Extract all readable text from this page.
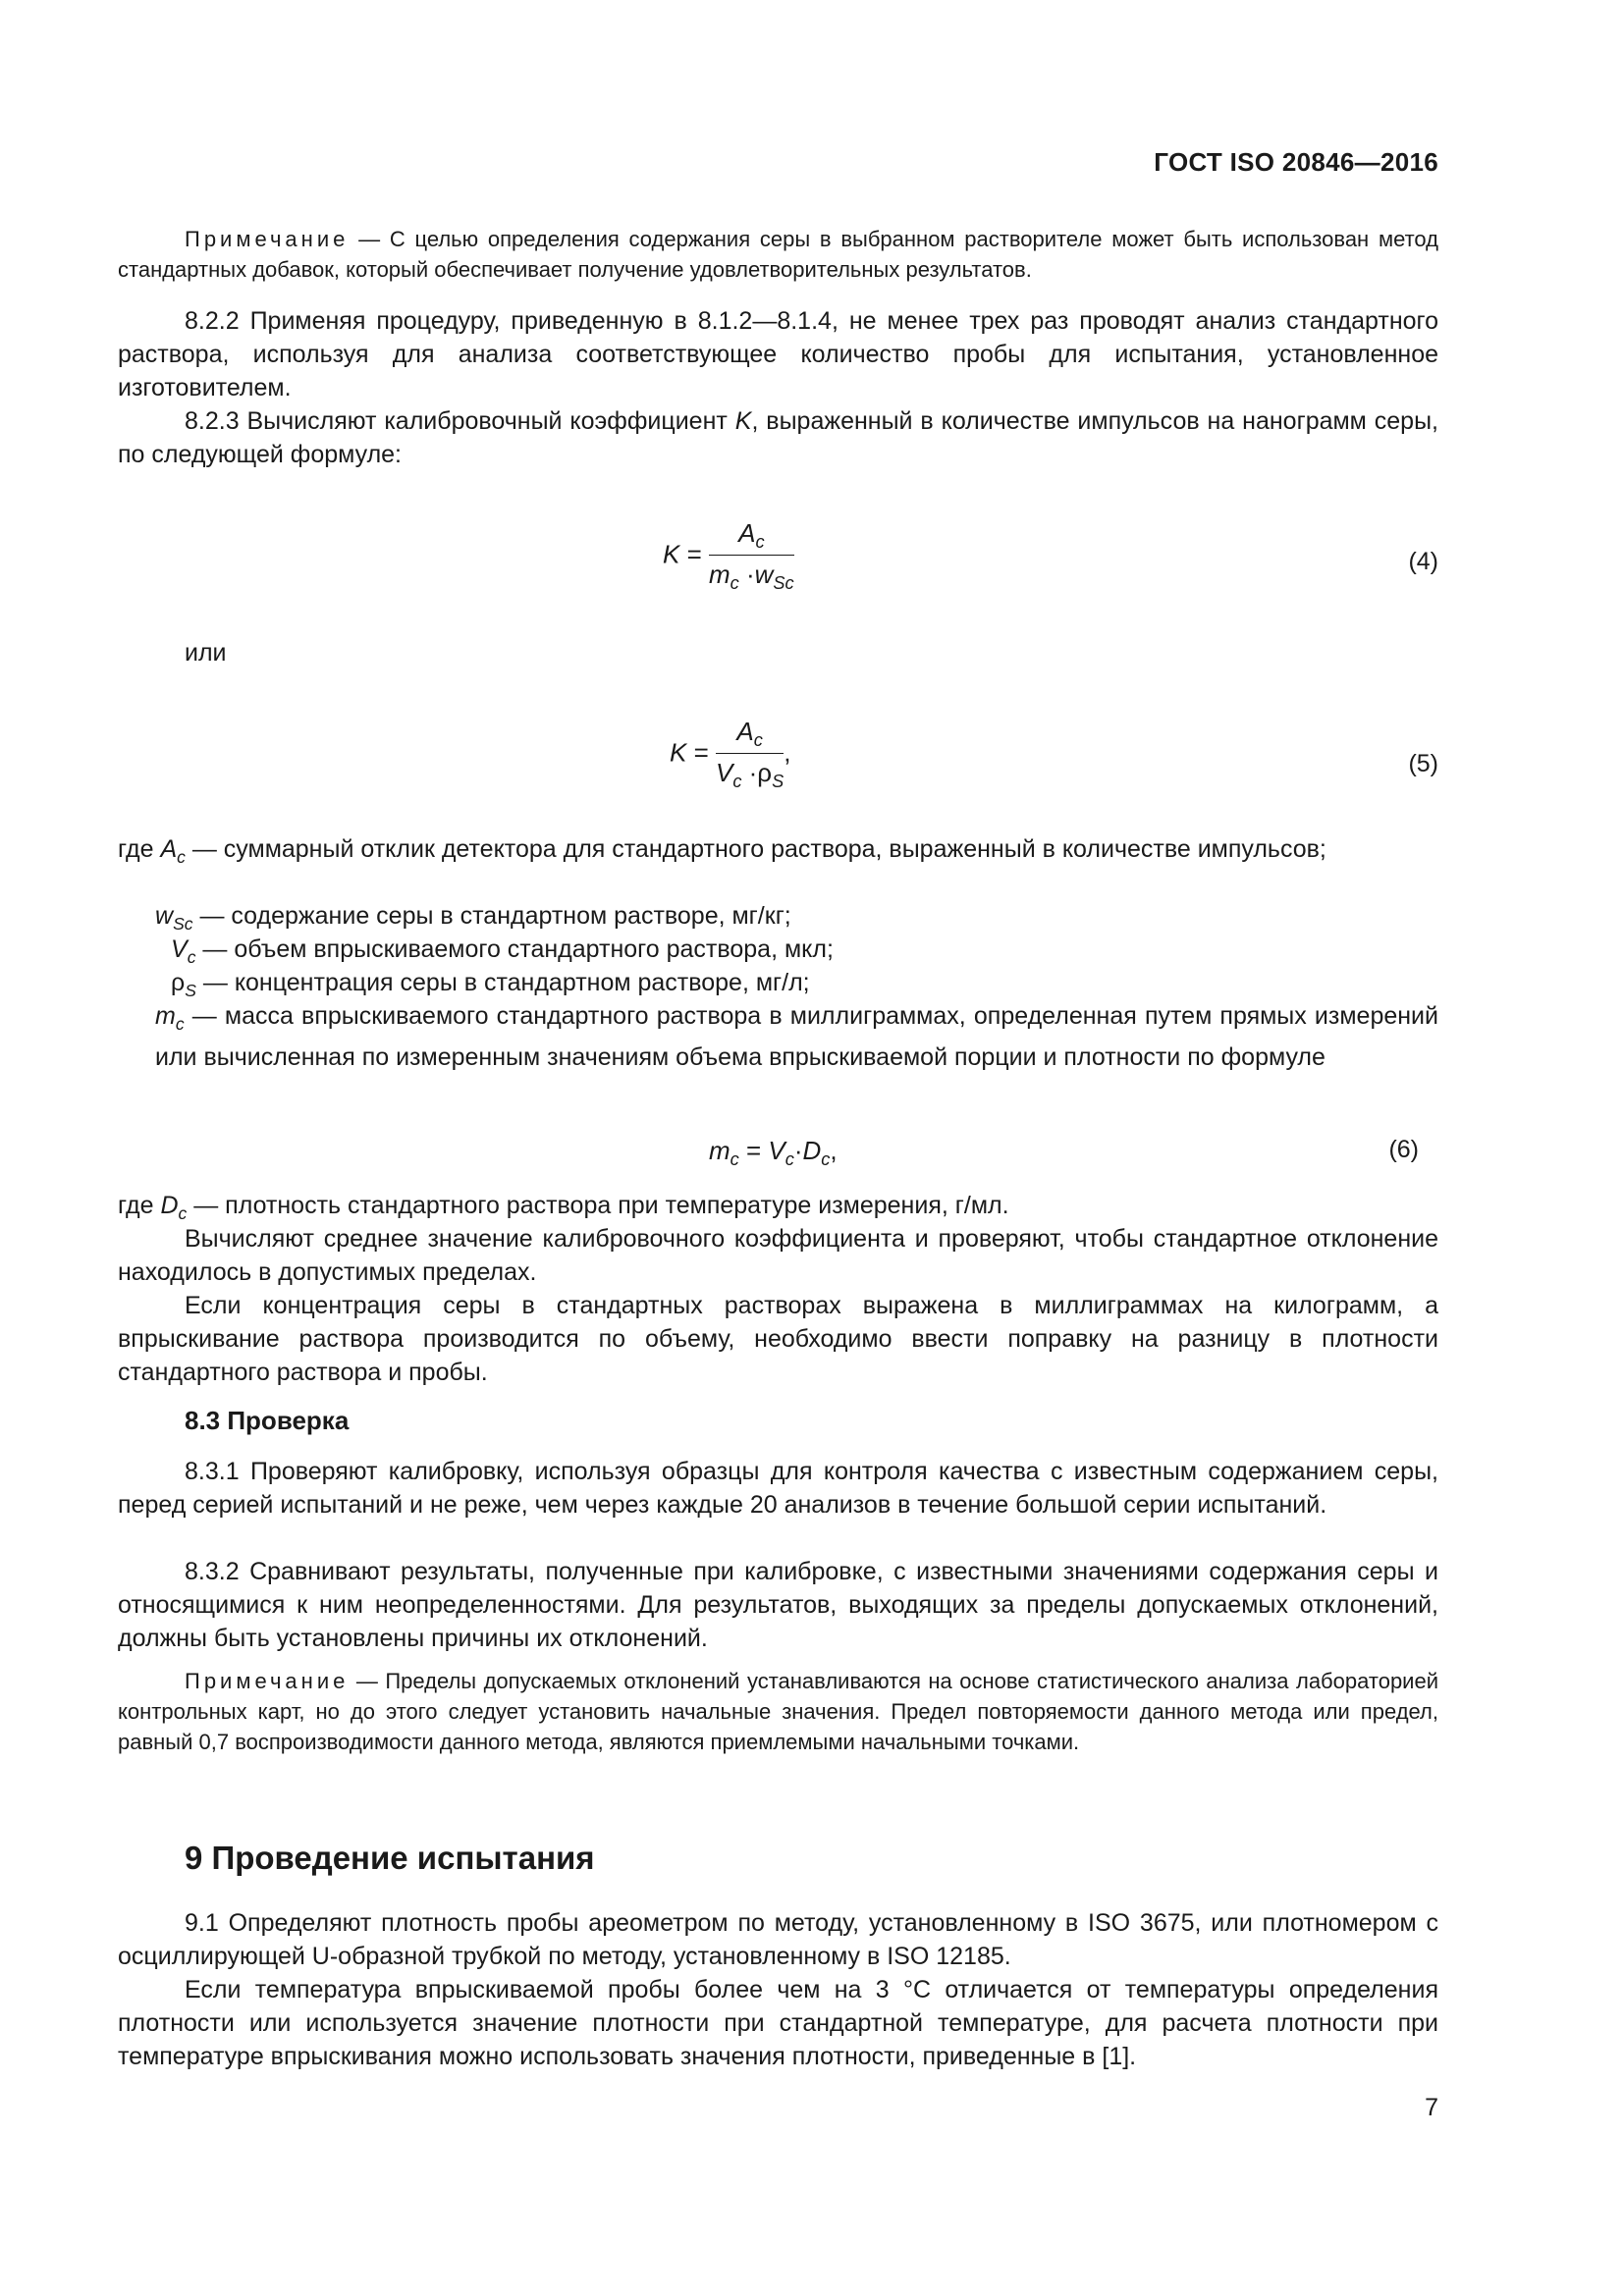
ГОСТ ISO 20846—2016
Примечание — С целью определения содержания серы в выбранном растворителе может быть использован метод стандартных добавок, который обеспечивает получение удовлетворительных результатов.
8.2.2 Применяя процедуру, приведенную в 8.1.2—8.1.4, не менее трех раз проводят анализ стандартного раствора, используя для анализа соответствующее количество пробы для испытания, установленное изготовителем.
8.2.3 Вычисляют калибровочный коэффициент K, выраженный в количестве импульсов на нанограмм серы, по следующей формуле:
$K = \frac{A_c}{m_c \cdot w_{Sc}}$	(4)
или
$K = \frac{A_c}{V_c \cdot\rho_S}$ ,	(5)
где $A_c$ — суммарный отклик детектора для стандартного раствора, выраженный в количестве импульсов;
$w_{Sc}$ — содержание серы в стандартном растворе, мг/кг;
$V_c$ — объем впрыскиваемого стандартного раствора, мкл;
$\rho_S$ — концентрация серы в стандартном растворе, мг/л;
$m_c$ — масса впрыскиваемого стандартного раствора в миллиграммах, определенная путем прямых измерений или вычисленная по измеренным значениям объема впрыскиваемой порции и плотности по формуле
$m_c = V_c\cdot D_c$,	(6)
где $D_c$ — плотность стандартного раствора при температуре измерения, г/мл.
Вычисляют среднее значение калибровочного коэффициента и проверяют, чтобы стандартное отклонение находилось в допустимых пределах.
Если концентрация серы в стандартных растворах выражена в миллиграммах на килограмм, а впрыскивание раствора производится по объему, необходимо ввести поправку на разницу в плотности стандартного раствора и пробы.
8.3 Проверка
8.3.1 Проверяют калибровку, используя образцы для контроля качества с известным содержанием серы, перед серией испытаний и не реже, чем через каждые 20 анализов в течение большой серии испытаний.
8.3.2 Сравнивают результаты, полученные при калибровке, с известными значениями содержания серы и относящимися к ним неопределенностями. Для результатов, выходящих за пределы допускаемых отклонений, должны быть установлены причины их отклонений.
Примечание — Пределы допускаемых отклонений устанавливаются на основе статистического анализа лабораторией контрольных карт, но до этого следует установить начальные значения. Предел повторяемости данного метода или предел, равный 0,7 воспроизводимости данного метода, являются приемлемыми начальными точками.
9 Проведение испытания
9.1 Определяют плотность пробы ареометром по методу, установленному в ISO 3675, или плотномером с осциллирующей U-образной трубкой по методу, установленному в ISO 12185.
Если температура впрыскиваемой пробы более чем на 3 °С отличается от температуры определения плотности или используется значение плотности при стандартной температуре, для расчета плотности при температуре впрыскивания можно использовать значения плотности, приведенные в [1].
7
